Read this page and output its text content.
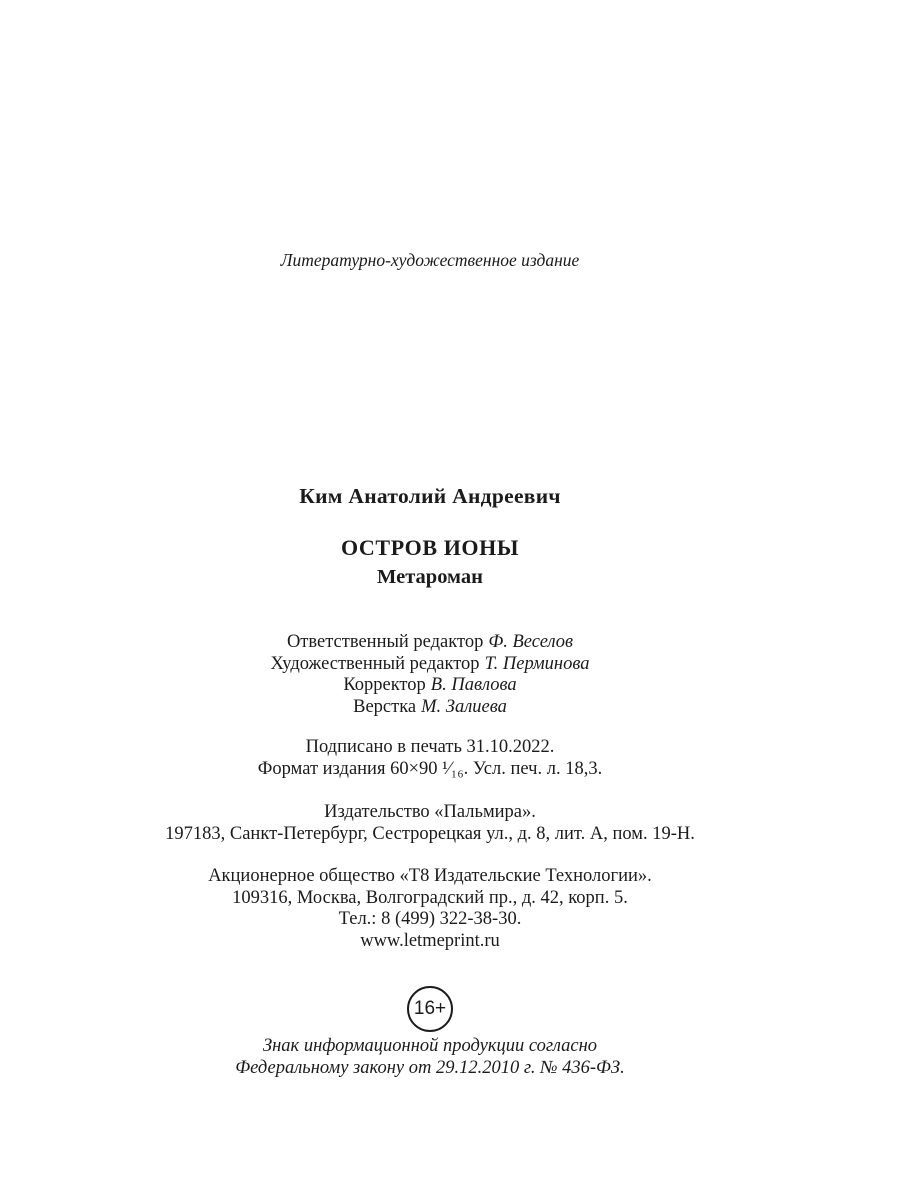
Литературно-художественное издание
Ким Анатолий Андреевич
ОСТРОВ ИОНЫ
Метароман
Ответственный редактор Ф. Веселов
Художественный редактор Т. Перминова
Корректор В. Павлова
Верстка М. Залиева
Подписано в печать 31.10.2022.
Формат издания 60×90 ¹⁄₁₆. Усл. печ. л. 18,3.
Издательство «Пальмира».
197183, Санкт-Петербург, Сестрорецкая ул., д. 8, лит. А, пом. 19-Н.
Акционерное общество «Т8 Издательские Технологии».
109316, Москва, Волгоградский пр., д. 42, корп. 5.
Тел.: 8 (499) 322-38-30.
www.letmeprint.ru
16+
Знак информационной продукции согласно
Федеральному закону от 29.12.2010 г. № 436-ФЗ.
